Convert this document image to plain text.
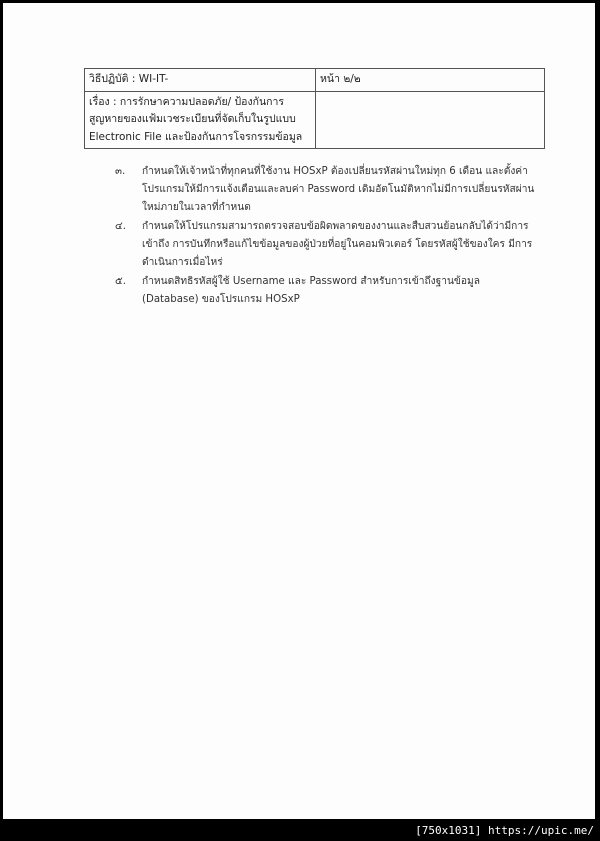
วิธีปฏิบัติ : WI-IT-	หน้า ๒/๒
เรื่อง : การรักษาความปลอดภัย/ ป้องกันการสูญหายของแฟ้มเวชระเบียนที่จัดเก็บในรูปแบบ Electronic File และป้องกันการโจรกรรมข้อมูล	
๓.	กำหนดให้เจ้าหน้าที่ทุกคนที่ใช้งาน HOSxP ต้องเปลี่ยนรหัสผ่านใหม่ทุก 6 เดือน และตั้งค่าโปรแกรมให้มีการแจ้งเตือนและลบค่า Password เดิมอัตโนมัติหากไม่มีการเปลี่ยนรหัสผ่านใหม่ภายในเวลาที่กำหนด
๔.	กำหนดให้โปรแกรมสามารถตรวจสอบข้อผิดพลาดของงานและสืบสวนย้อนกลับได้ว่ามีการเข้าถึง การบันทึกหรือแก้ไขข้อมูลของผู้ป่วยที่อยู่ในคอมพิวเตอร์ โดยรหัสผู้ใช้ของใคร มีการดำเนินการเมื่อไหร่
๕.	กำหนดสิทธิรหัสผู้ใช้ Username และ Password สำหรับการเข้าถึงฐานข้อมูล (Database) ของโปรแกรม HOSxP
[750x1031] https://upic.me/
